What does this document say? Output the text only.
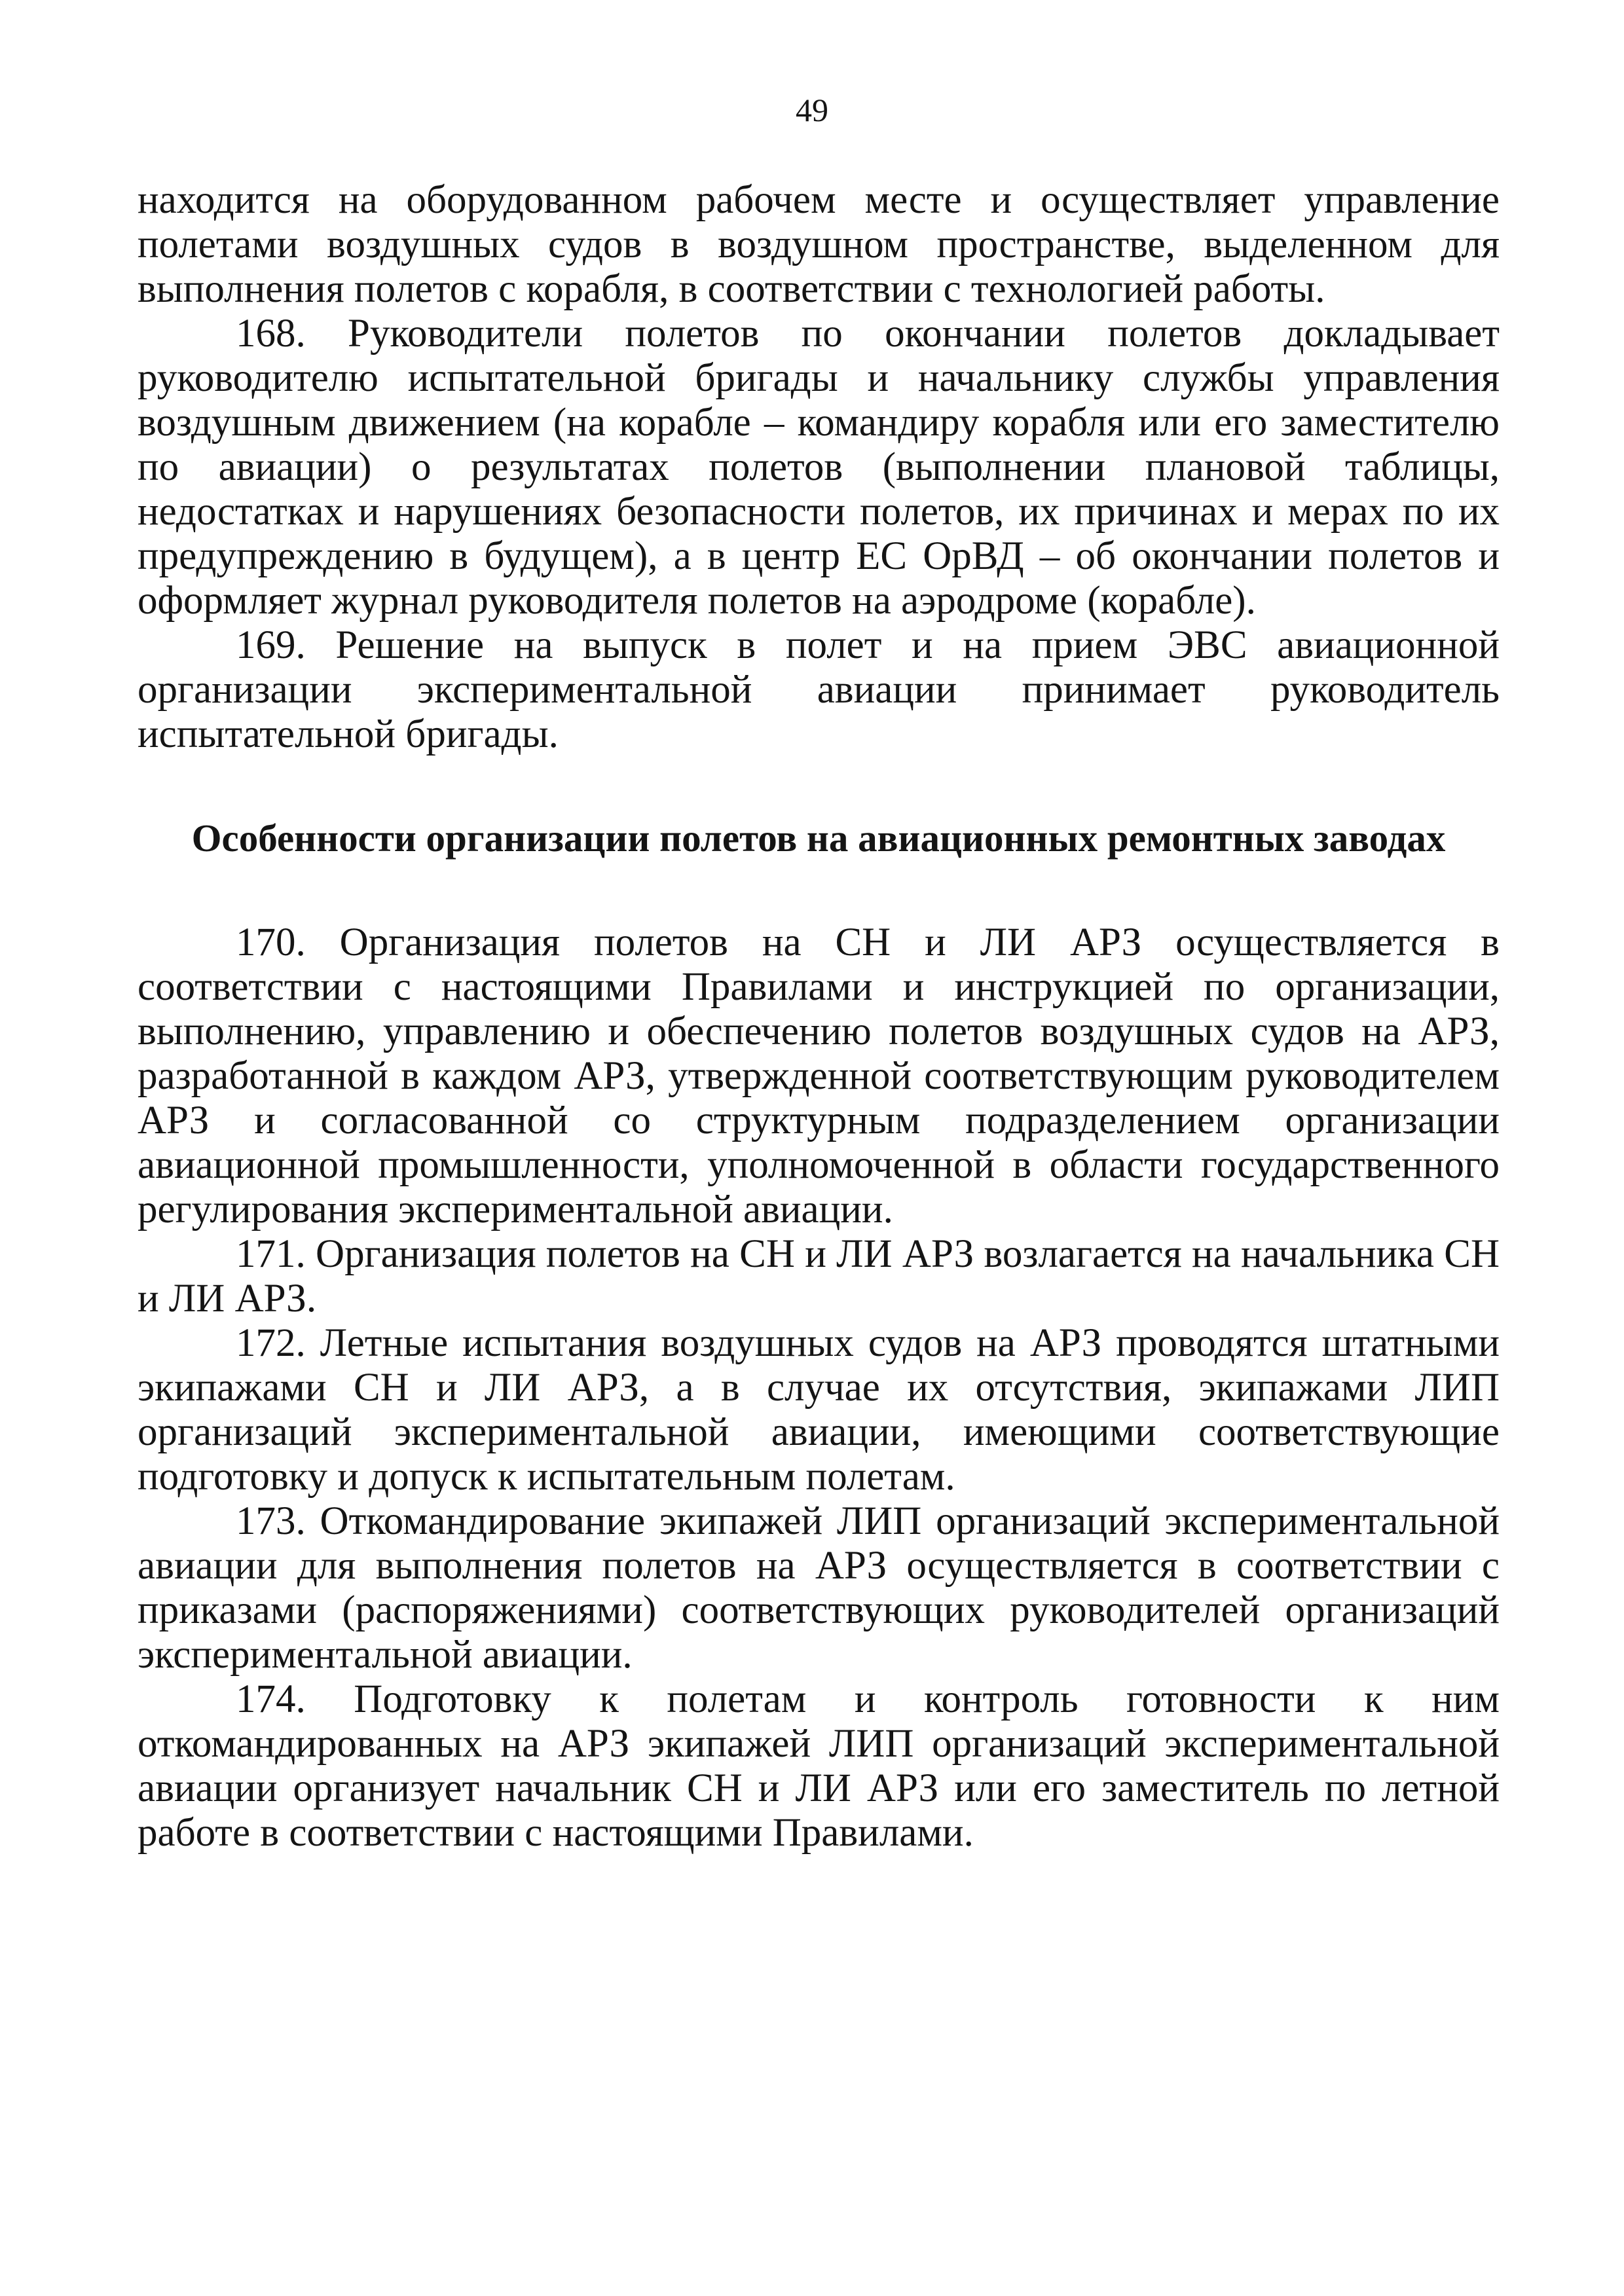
49

находится на оборудованном рабочем месте и осуществляет управление полетами воздушных судов в воздушном пространстве, выделенном для выполнения полетов с корабля, в соответствии с технологией работы.

168. Руководители полетов по окончании полетов докладывает руководителю испытательной бригады и начальнику службы управления воздушным движением (на корабле – командиру корабля или его заместителю по авиации) о результатах полетов (выполнении плановой таблицы, недостатках и нарушениях безопасности полетов, их причинах и мерах по их предупреждению в будущем), а в центр ЕС ОрВД – об окончании полетов и оформляет журнал руководителя полетов на аэродроме (корабле).

169. Решение на выпуск в полет и на прием ЭВС авиационной организации экспериментальной авиации принимает руководитель испытательной бригады.

Особенности организации полетов на авиационных ремонтных заводах

170. Организация полетов на СН и ЛИ АРЗ осуществляется в соответствии с настоящими Правилами и инструкцией по организации, выполнению, управлению и обеспечению полетов воздушных судов на АРЗ, разработанной в каждом АРЗ, утвержденной соответствующим руководителем АРЗ и согласованной со структурным подразделением организации авиационной промышленности, уполномоченной в области государственного регулирования экспериментальной авиации.

171. Организация полетов на СН и ЛИ АРЗ возлагается на начальника СН и ЛИ АРЗ.

172. Летные испытания воздушных судов на АРЗ проводятся штатными экипажами СН и ЛИ АРЗ, а в случае их отсутствия, экипажами ЛИП организаций экспериментальной авиации, имеющими соответствующие подготовку и допуск к испытательным полетам.

173. Откомандирование экипажей ЛИП организаций экспериментальной авиации для выполнения полетов на АРЗ осуществляется в соответствии с приказами (распоряжениями) соответствующих руководителей организаций экспериментальной авиации.

174. Подготовку к полетам и контроль готовности к ним откомандированных на АРЗ экипажей ЛИП организаций экспериментальной авиации организует начальник СН и ЛИ АРЗ или его заместитель по летной работе в соответствии с настоящими Правилами.
